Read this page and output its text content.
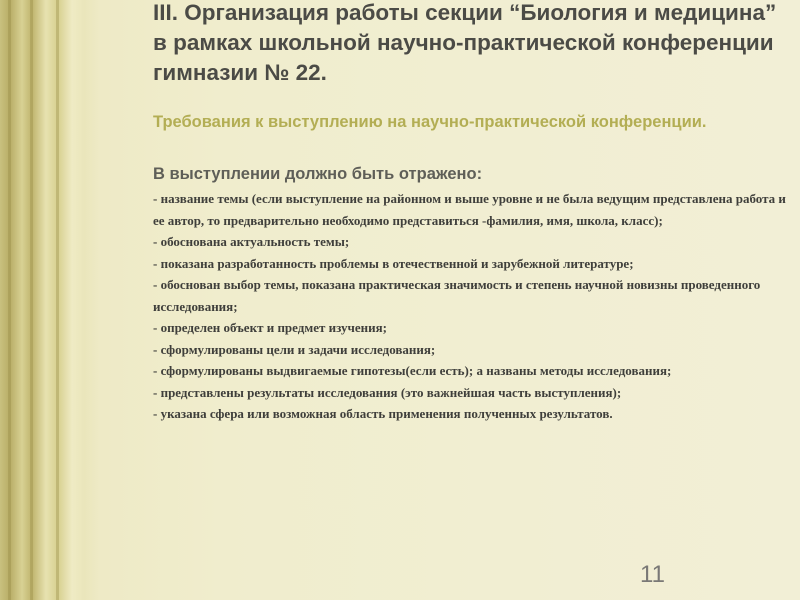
III. Организация работы секции “Биология и медицина” в рамках школьной научно-практической конференции гимназии № 22.

Требования к выступлению на научно-практической конференции.

В выступлении должно быть отражено:

- название темы (если выступление на районном и выше уровне и не была ведущим представлена работа и ее автор, то предварительно необходимо представиться -фамилия, имя, школа, класс);
- обоснована актуальность темы;
- показана разработанность проблемы в отечественной и зарубежной литературе;
- обоснован выбор темы, показана практическая значимость и степень научной новизны проведенного исследования;
- определен объект и предмет изучения;
- сформулированы цели и задачи исследования;
- сформулированы выдвигаемые гипотезы(если есть); а названы методы исследования;
- представлены результаты исследования (это важнейшая часть выступления);
- указана сфера или возможная область применения полученных результатов.
11
